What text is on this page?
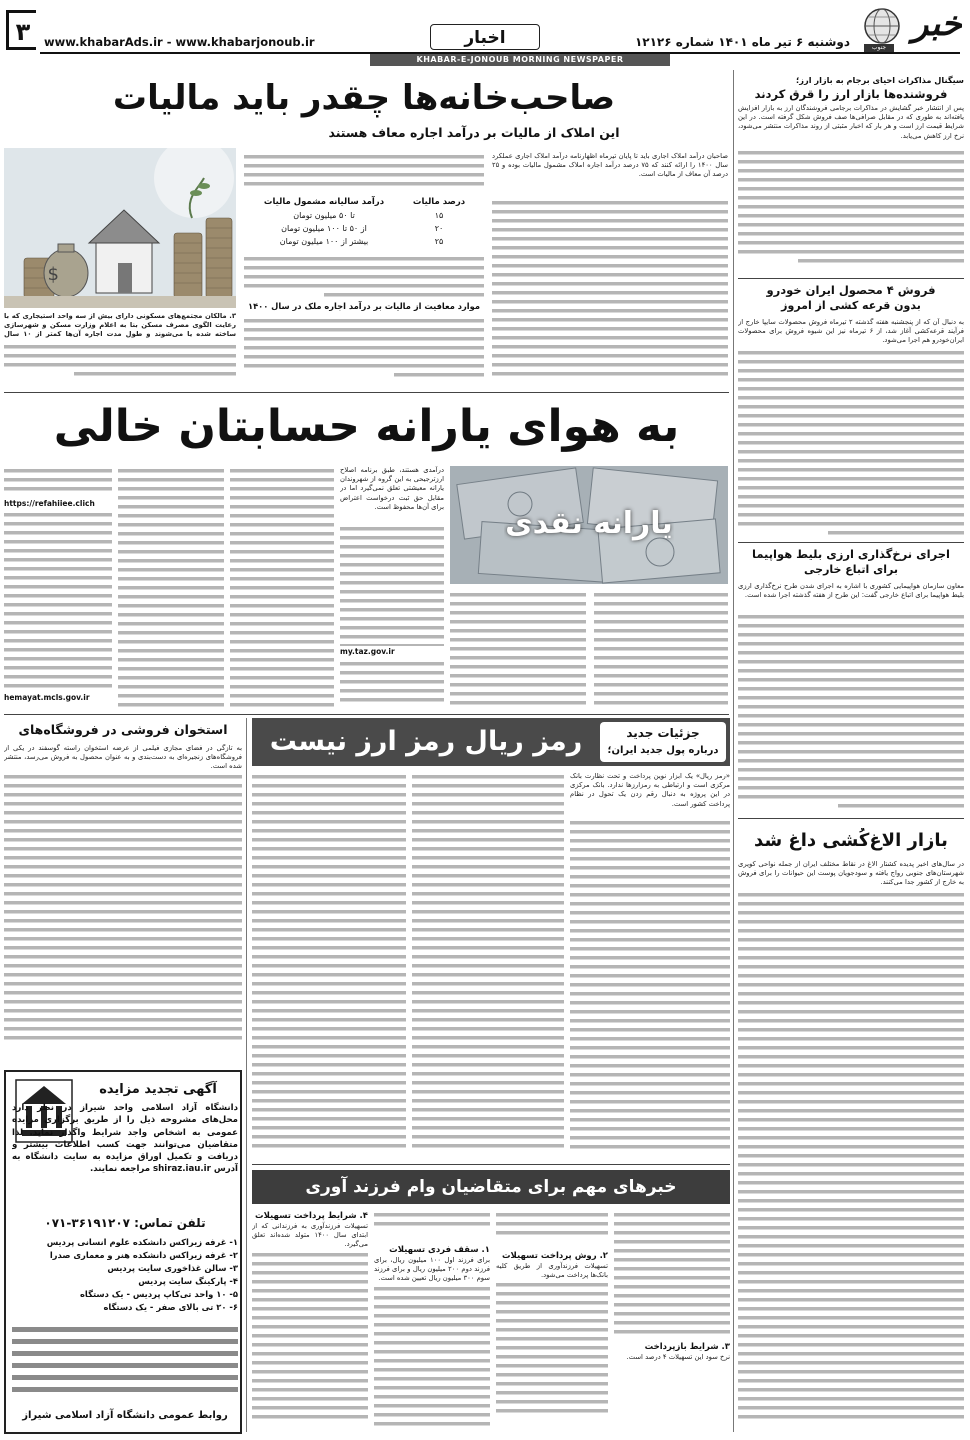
۳	www.khabarAds.ir - www.khabarjonoub.ir	اخبار	دوشنبه ۶ تیر ماه ۱۴۰۱ شماره ۱۲۱۲۶	خبر
جنوب
KHABAR-E-JONOUB MORNING NEWSPAPER
سیگنال مذاکرات احیای برجام به بازار ارز؛
فروشنده‌ها بازار ارز را قرق کردند
پس از انتشار خبر گشایش در مذاکرات برجامی فروشندگان ارز به بازار افزایش یافته‌اند به طوری که در مقابل صرافی‌ها صف فروش شکل گرفته است. در این شرایط قیمت ارز است و هر بار که اخبار مثبتی از روند مذاکرات منتشر می‌شود، نرخ ارز کاهش می‌یابد.
فروش ۴ محصول ایران خودرو
بدون قرعه کشی از امروز
به دنبال آن که از پنجشنبه هفته گذشته ۲ تیرماه فروش محصولات سایپا خارج از فرآیند قرعه‌کشی آغاز شد، از ۶ تیرماه نیز این شیوه فروش برای محصولات ایران‌خودرو هم اجرا می‌شود.
اجرای نرخ‌گذاری ارزی بلیط هواپیما
برای اتباع خارجی
معاون سازمان هواپیمایی کشوری با اشاره به اجرای شدن طرح نرخ‌گذاری ارزی بلیط هواپیما برای اتباع خارجی گفت: این طرح از هفته گذشته اجرا شده است.
بازار الاغ‌کُشی داغ شد
در سال‌های اخیر پدیده کشتار الاغ در نقاط مختلف ایران از جمله نواحی کویری شهرستان‌های جنوبی رواج یافته و سودجویان پوست این حیوانات را برای فروش به خارج از کشور جدا می‌کنند.
صاحب‌خانه‌ها چقدر باید مالیات
این املاک از مالیات بر درآمد اجاره معاف هستند
$
۳. مالکان مجتمع‌های مسکونی دارای بیش از سه واحد استیجاری که با رعایت الگوی مصرف مسکن بنا به اعلام وزارت مسکن و شهرسازی ساخته شده یا می‌شوند و طول مدت اجاره آن‌ها کمتر از ۱۰ سال
صاحبان درآمد املاک اجاری باید تا پایان تیرماه اظهارنامه درآمد املاک اجاری عملکرد سال ۱۴۰۰ را ارائه کنند که ۷۵ درصد درآمد اجاره املاک مشمول مالیات بوده و ۲۵ درصد آن معاف از مالیات است.
درآمد سالیانه مشمول مالیات	درصد مالیات
تا ۵۰ میلیون تومان	۱۵
از ۵۰ تا ۱۰۰ میلیون تومان	۲۰
بیشتر از ۱۰۰ میلیون تومان	۲۵
موارد معافیت از مالیات بر درآمد اجاره ملک در سال ۱۴۰۰
به هوای یارانه حسابتان خالی
یارانه نقدی
درآمدی هستند، طبق برنامه اصلاح ارزترجیحی به این گروه از شهروندان یارانه معیشتی تعلق نمی‌گیرد اما در مقابل حق ثبت درخواست اعتراض برای آن‌ها محفوظ است.
https://refahiiee.clich
hemayat.mcls.gov.ir
my.taz.gov.ir
استخوان فروشی در فروشگاه‌های
به تازگی در فضای مجازی فیلمی از عرضه استخوان راسته گوسفند در یکی از فروشگاه‌های زنجیره‌ای به دست‌بندی و به عنوان محصول به فروش می‌رسد، منتشر شده است.
آگهی تجدید مزایده
دانشگاه آزاد اسلامی واحد شیراز در نظر دارد محل‌های مشروحه ذیل را از طریق برگزاری مزایده عمومی به اشخاص واجد شرایط واگذار نماید. لذا متقاضیان می‌توانند جهت کسب اطلاعات بیشتر و دریافت و تکمیل اوراق مزایده به سایت دانشگاه به آدرس shiraz.iau.ir مراجعه نمایند.
تلفن تماس: ۳۶۱۹۱۲۰۷-۰۷۱
۱- غرفه زیراکس دانشکده علوم انسانی پردیس
۲- غرفه زیراکس دانشکده هنر و معماری صدرا
۳- سالن غذاخوری سایت پردیس
۴- پارکینگ سایت پردیس
۵- ۱۰ واحد تی‌کاپ پردیس - یک دستگاه
۶- ۲۰ تی بالای صفر - یک دستگاه
روابط عمومی دانشگاه آزاد اسلامی شیراز
رمز ریال رمز ارز نیست	جزئیات جدید
درباره پول جدید ایران؛
«رمز ریال» یک ابزار نوین پرداخت و تحت نظارت بانک مرکزی است و ارتباطی به رمزارزها ندارد. بانک مرکزی در این پروژه به دنبال رقم زدن یک تحول در نظام پرداخت کشور است.
خبرهای مهم برای متقاضیان وام فرزند آوری
۳. شرایط بازپرداخت
نرخ سود این تسهیلات ۴ درصد است.
۲. روش پرداخت تسهیلات
تسهیلات فرزندآوری از طریق کلیه بانک‌ها پرداخت می‌شود.
۱. سقف فردی تسهیلات
برای فرزند اول ۱۰۰ میلیون ریال، برای فرزند دوم ۲۰۰ میلیون ریال و برای فرزند سوم ۳۰۰ میلیون ریال تعیین شده است.
۴. شرایط پرداخت تسهیلات
تسهیلات فرزندآوری به فرزندانی که از ابتدای سال ۱۴۰۰ متولد شده‌اند تعلق می‌گیرد.
